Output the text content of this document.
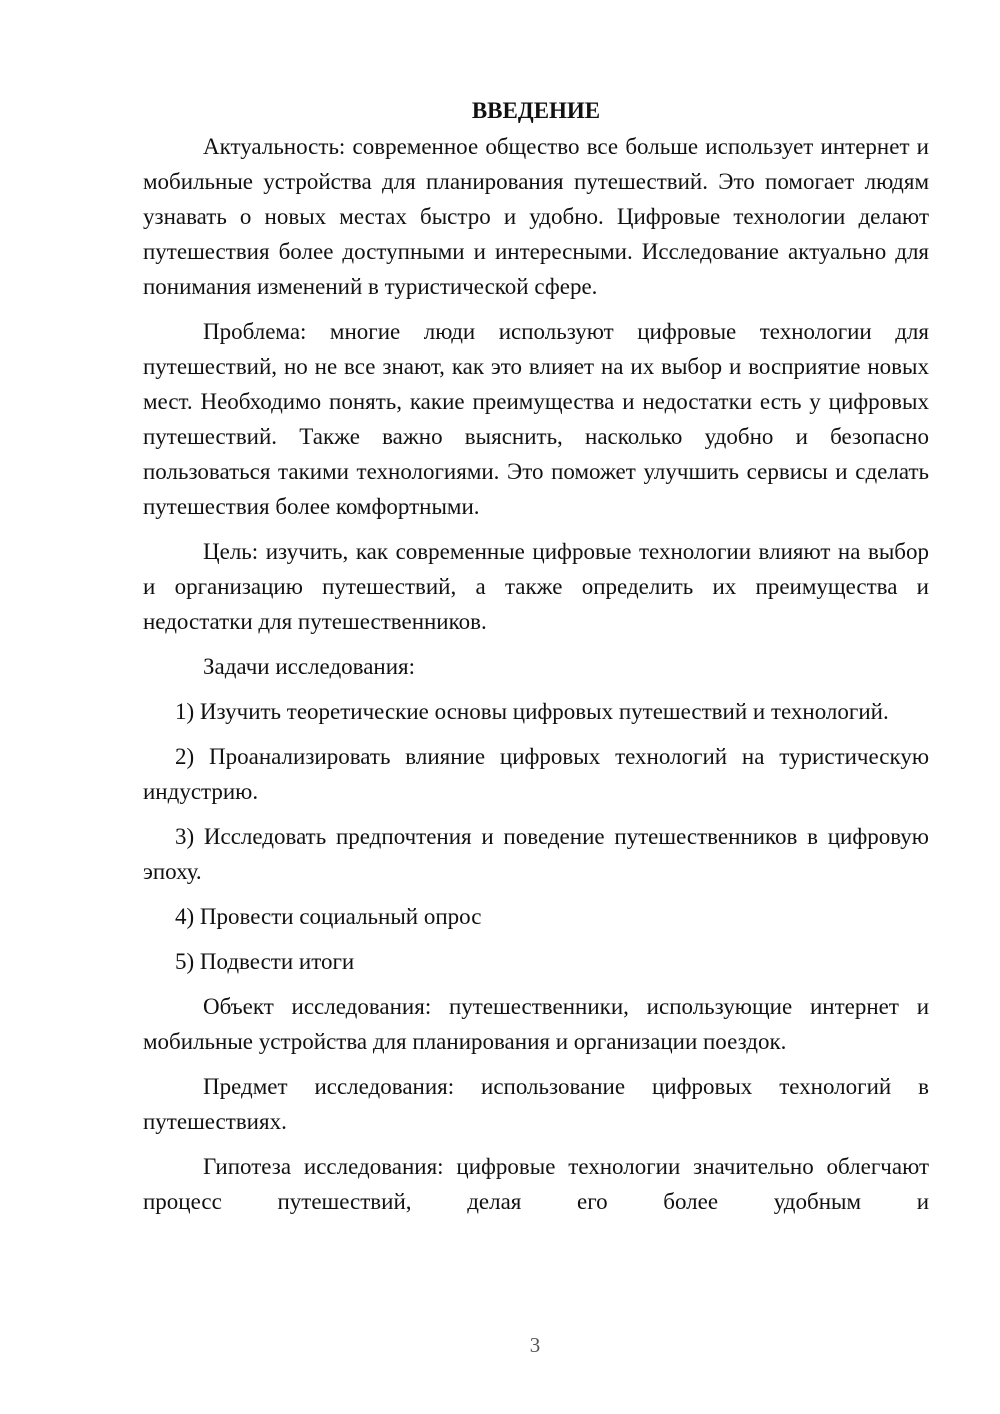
ВВЕДЕНИЕ

Актуальность: современное общество все больше использует интернет и мобильные устройства для планирования путешествий. Это помогает людям узнавать о новых местах быстро и удобно. Цифровые технологии делают путешествия более доступными и интересными. Исследование актуально для понимания изменений в туристической сфере.

Проблема: многие люди используют цифровые технологии для путешествий, но не все знают, как это влияет на их выбор и восприятие новых мест. Необходимо понять, какие преимущества и недостатки есть у цифровых путешествий. Также важно выяснить, насколько удобно и безопасно пользоваться такими технологиями. Это поможет улучшить сервисы и сделать путешествия более комфортными.

Цель: изучить, как современные цифровые технологии влияют на выбор и организацию путешествий, а также определить их преимущества и недостатки для путешественников.

Задачи исследования:

1) Изучить теоретические основы цифровых путешествий и технологий.

2) Проанализировать влияние цифровых технологий на туристическую индустрию.

3) Исследовать предпочтения и поведение путешественников в цифровую эпоху.

4) Провести социальный опрос

5) Подвести итоги

Объект исследования: путешественники, использующие интернет и мобильные устройства для планирования и организации поездок.

Предмет исследования: использование цифровых технологий в путешествиях.

Гипотеза исследования: цифровые технологии значительно облегчают процесс путешествий, делая его более удобным и

3
